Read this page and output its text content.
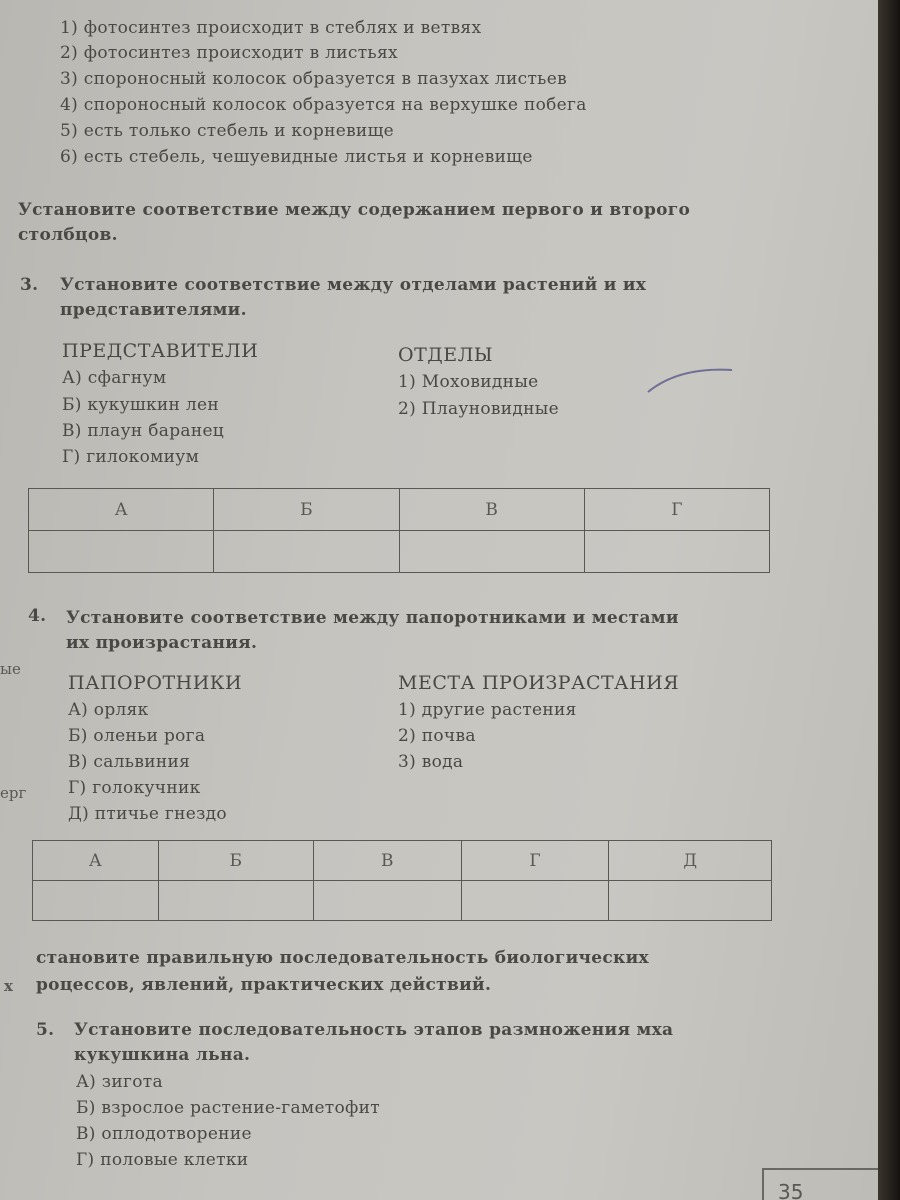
1) фотосинтез происходит в стеблях и ветвях
2) фотосинтез происходит в листьях
3) спороносный колосок образуется в пазухах листьев
4) спороносный колосок образуется на верхушке побега
5) есть только стебель и корневище
6) есть стебель, чешуевидные листья и корневище
Установите соответствие между содержанием первого и второго
столбцов.
3. Установите соответствие между отделами растений и их
представителями.
ПРЕДСТАВИТЕЛИ
А) сфагнум
Б) кукушкин лен
В) плаун баранец
Г) гилокомиум
ОТДЕЛЫ
1) Моховидные
2) Плауновидные
А	Б	В	Г

4. Установите соответствие между папоротниками и местами
их произрастания.
ПАПОРОТНИКИ
А) орляк
Б) оленьи рога
В) сальвиния
Г) голокучник
Д) птичье гнездо
МЕСТА ПРОИЗРАСТАНИЯ
1) другие растения
2) почва
3) вода
А	Б	В	Г	Д

становите правильную последовательность биологических
роцессов, явлений, практических действий.
5. Установите последовательность этапов размножения мха
кукушкина льна.
А) зигота
Б) взрослое растение-гаметофит
В) оплодотворение
Г) половые клетки
ые
ерг
х
35
